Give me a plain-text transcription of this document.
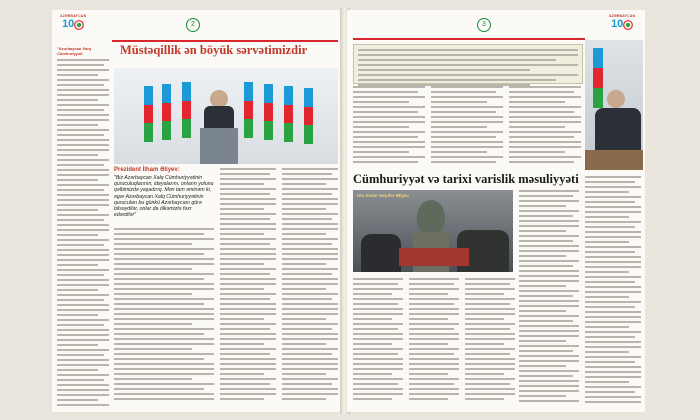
AZƏRBAYCAN
10	2
"Azərbaycan Xalq Cümhuriyyəti	Müstəqillik ən böyük sərvətimizdir
Prezident İlham Əliyev:
"Biz Azərbaycan Xalq Cümhuriyyətinin quruculuqlarının, ideyalarını, onların yolunu qəlbimizdə yaşadırıq. Mən tam əminəm ki, əgər Azərbaycan Xalq Cümhuriyyətinin qurucuları bu günkü Azərbaycanı görə bilsəydilər, onlar da ölkəmizlə fəxr edərdilər"
3
AZƏRBAYCAN
10
Cümhuriyyət və tarixi varislik məsuliyyəti
Ulu öndər Heydər Əliyev
